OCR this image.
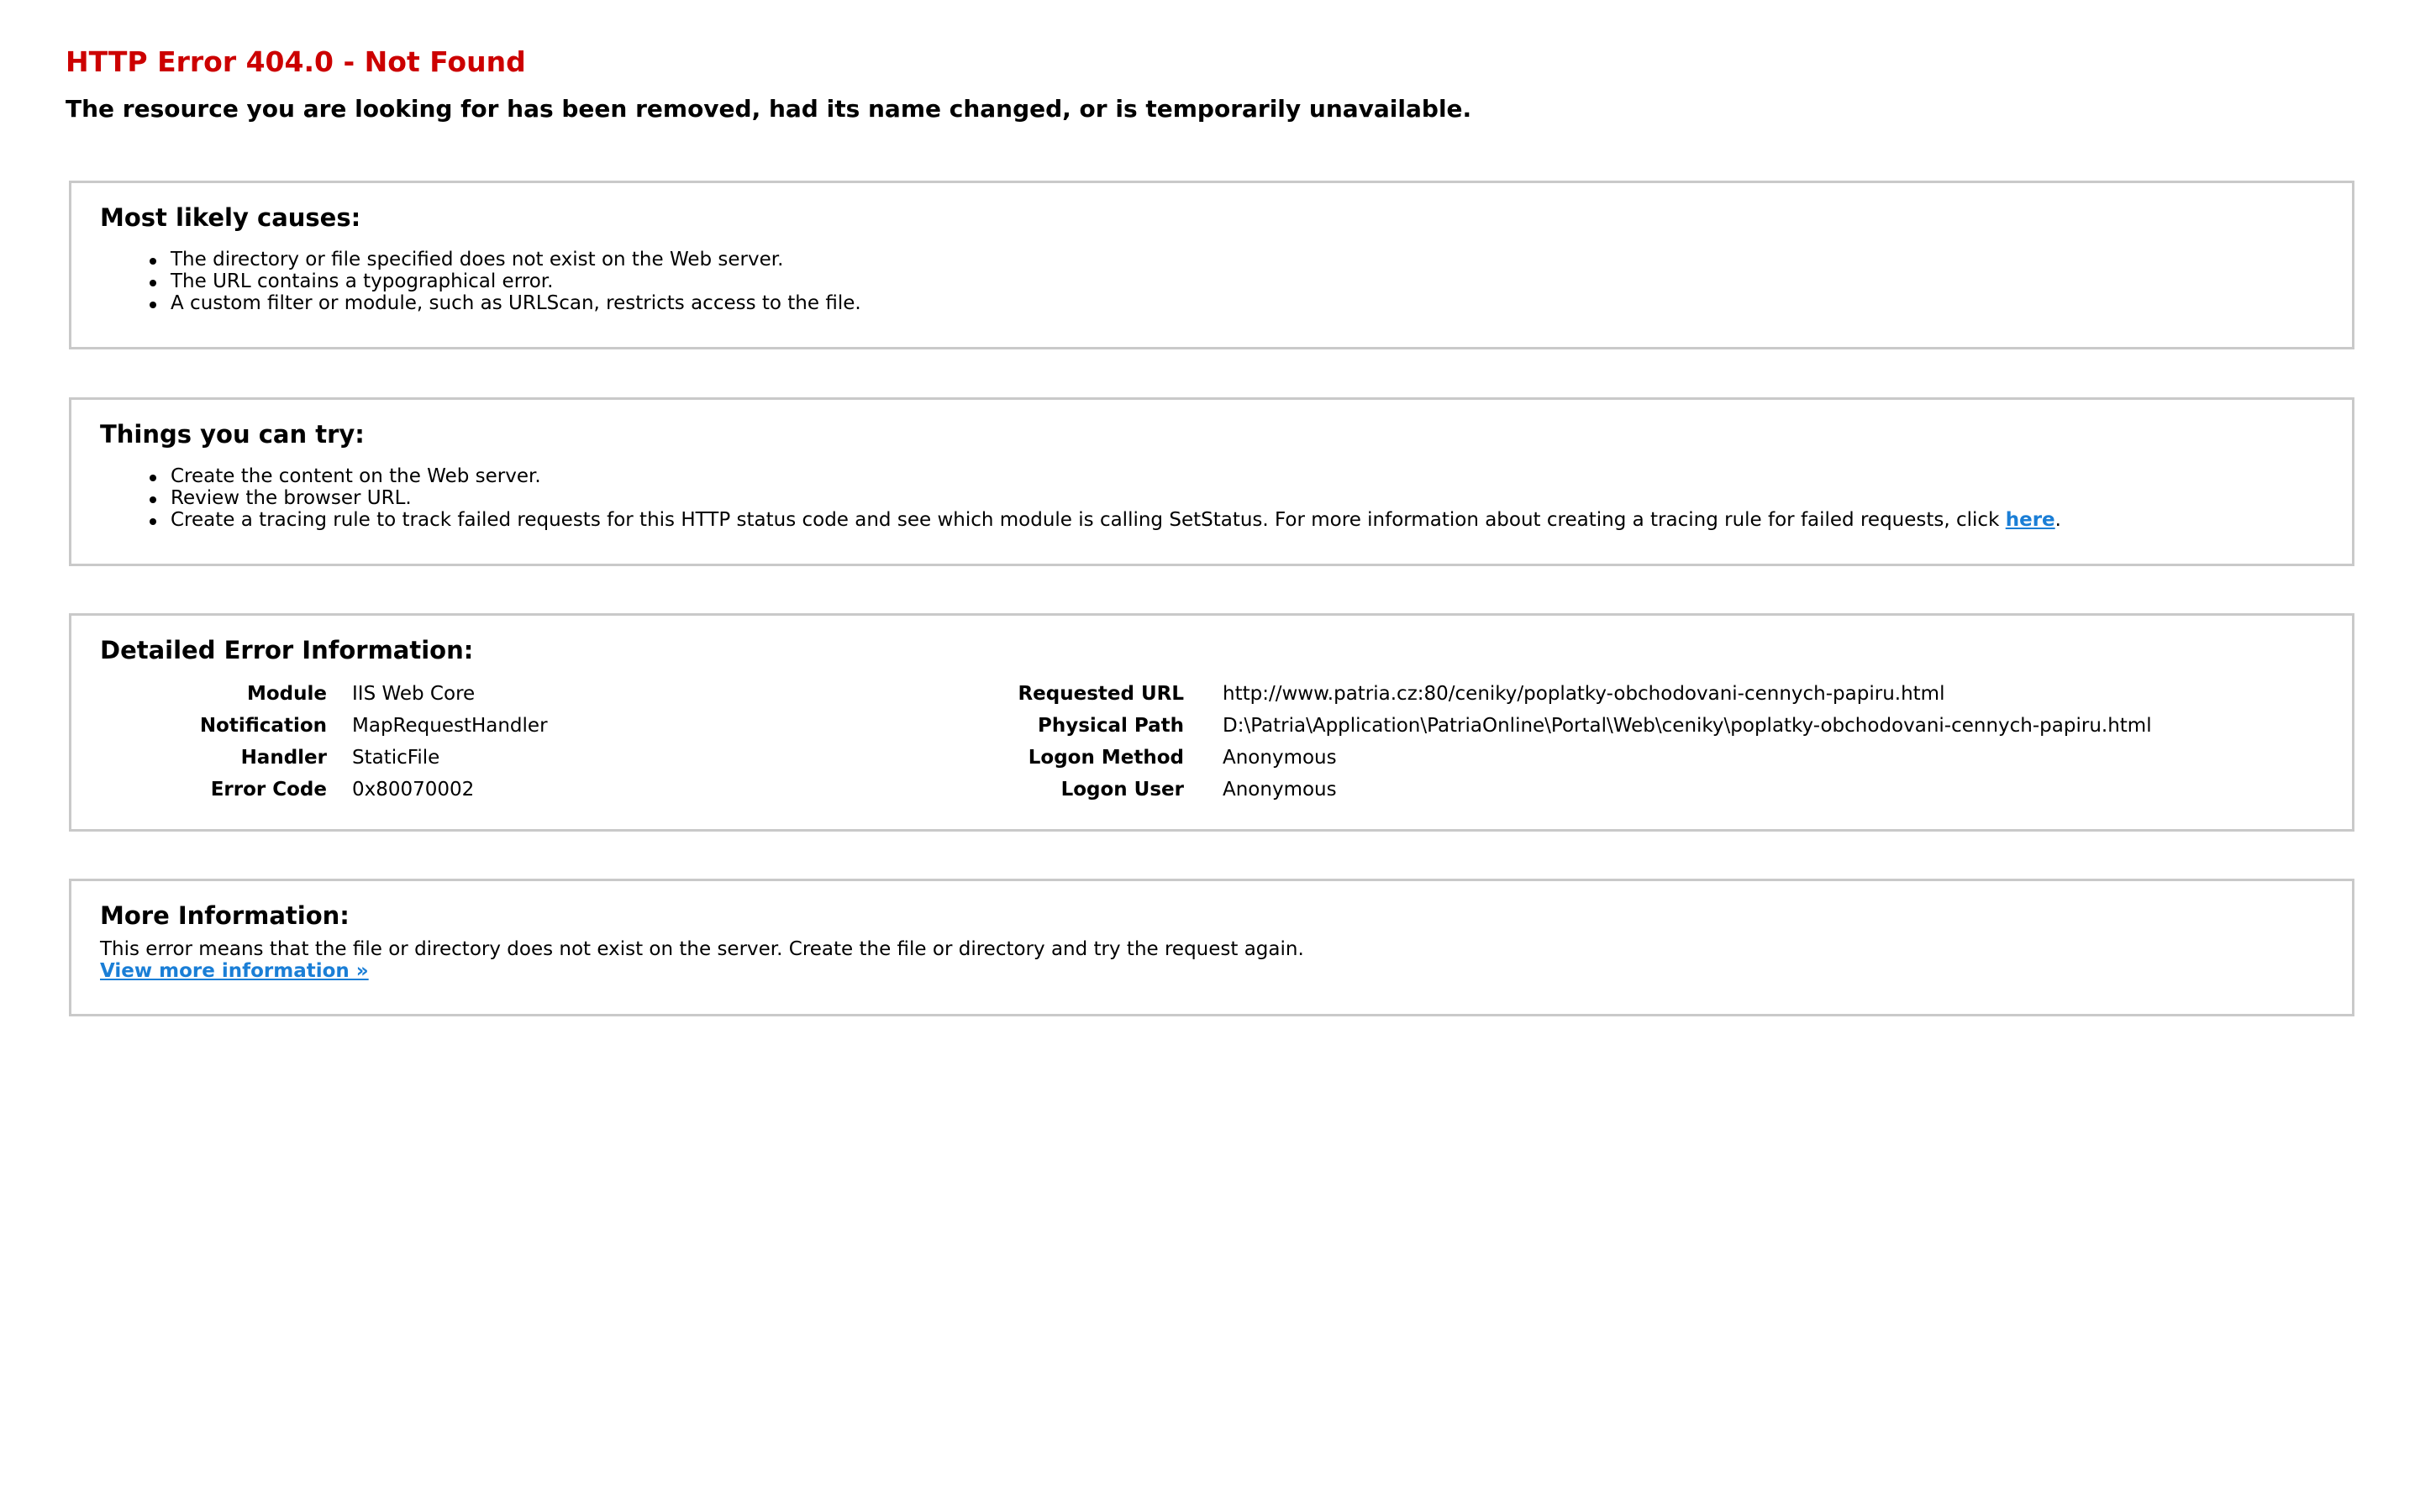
HTTP Error 404.0 - Not Found
The resource you are looking for has been removed, had its name changed, or is temporarily unavailable.
Most likely causes:
The directory or file specified does not exist on the Web server.
The URL contains a typographical error.
A custom filter or module, such as URLScan, restricts access to the file.
Things you can try:
Create the content on the Web server.
Review the browser URL.
Create a tracing rule to track failed requests for this HTTP status code and see which module is calling SetStatus. For more information about creating a tracing rule for failed requests, click here.
Detailed Error Information:
Module IIS Web Core
Notification MapRequestHandler
Handler StaticFile
Error Code 0x80070002
Requested URL http://www.patria.cz:80/ceniky/poplatky-obchodovani-cennych-papiru.html
Physical Path D:\Patria\Application\PatriaOnline\Portal\Web\ceniky\poplatky-obchodovani-cennych-papiru.html
Logon Method Anonymous
Logon User Anonymous
More Information:
This error means that the file or directory does not exist on the server. Create the file or directory and try the request again.
View more information »
